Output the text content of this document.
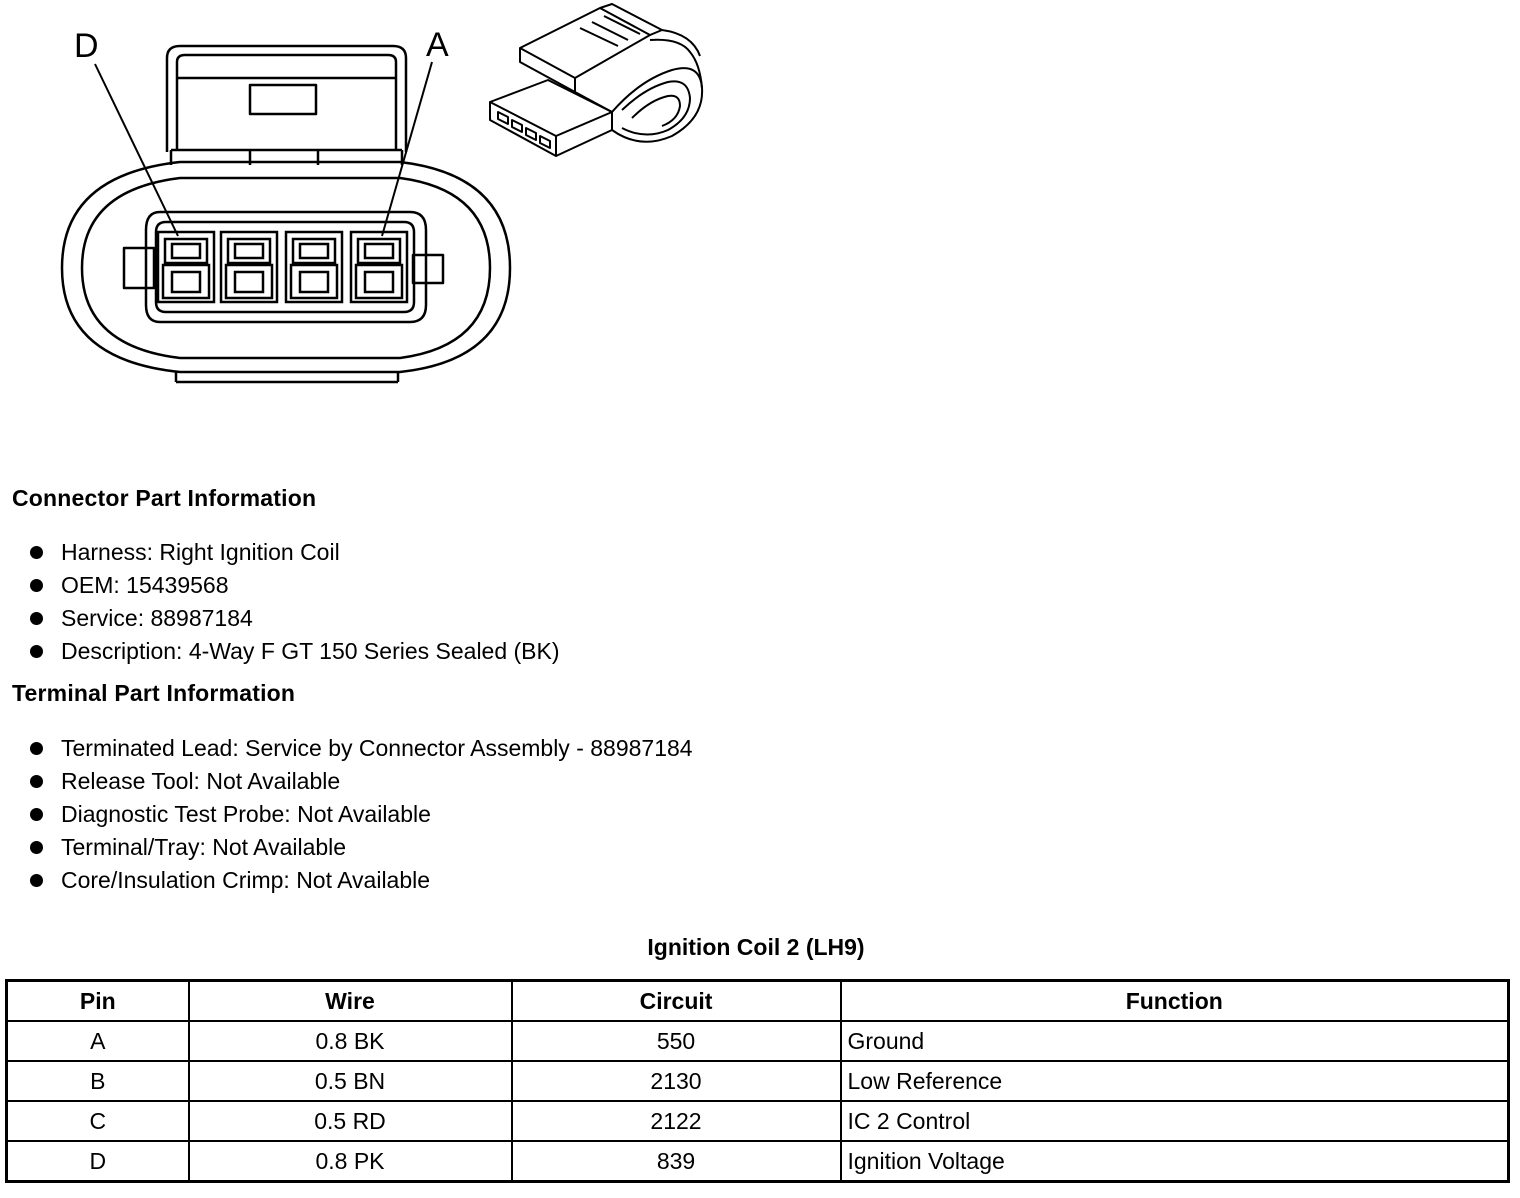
D	A
Connector Part Information
Harness: Right Ignition Coil
OEM: 15439568
Service: 88987184
Description: 4-Way F GT 150 Series Sealed (BK)
Terminal Part Information
Terminated Lead: Service by Connector Assembly - 88987184
Release Tool: Not Available
Diagnostic Test Probe: Not Available
Terminal/Tray: Not Available
Core/Insulation Crimp: Not Available
Ignition Coil 2 (LH9)
Pin	Wire	Circuit	Function
A	0.8 BK	550	Ground
B	0.5 BN	2130	Low Reference
C	0.5 RD	2122	IC 2 Control
D	0.8 PK	839	Ignition Voltage
